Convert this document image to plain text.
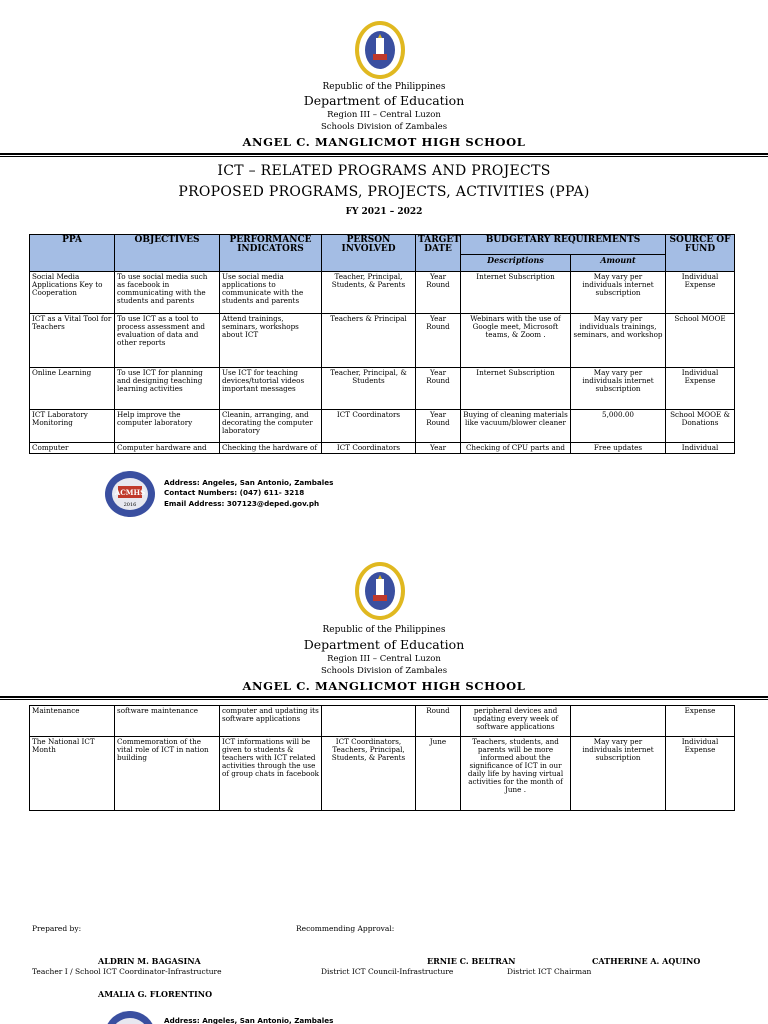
Republic of the Philippines
Department of Education
Region III – Central Luzon
Schools Division of Zambales
ANGEL C. MANGLICMOT HIGH SCHOOL
ICT – RELATED PROGRAMS AND PROJECTS
PROPOSED PROGRAMS, PROJECTS, ACTIVITIES (PPA)
FY 2021 – 2022
PPA	OBJECTIVES	PERFORMANCE INDICATORS	PERSON INVOLVED	TARGET DATE	BUDGETARY REQUIREMENTS		SOURCE OF FUND
					Descriptions	Amount	
Social Media Applications Key to Cooperation	To use social media such as facebook in communicating with the students and parents	Use social media applications to communicate with the students and parents	Teacher, Principal, Students, & Parents	Year Round	Internet Subscription	May vary per individuals internet subscription	Individual Expense
ICT as a Vital Tool for Teachers	To use ICT as a tool to process assessment and evaluation of data and other reports	Attend trainings, seminars, workshops about ICT	Teachers & Principal	Year Round	Webinars with the use of Google meet, Microsoft teams, & Zoom .	May vary per individuals trainings, seminars, and workshop	School MOOE
Online Learning	To use ICT for planning and designing teaching learning activities	Use ICT for teaching devices/tutorial videos important messages	Teacher, Principal, & Students	Year Round	Internet Subscription	May vary per individuals internet subscription	Individual Expense
ICT Laboratory Monitoring	Help improve the computer laboratory	Cleanin, arranging, and decorating the computer laboratory	ICT Coordinators	Year Round	Buying of cleaning materials like vacuum/blower cleaner	5,000.00	School MOOE & Donations
Computer	Computer hardware and	Checking the hardware of	ICT Coordinators	Year	Checking of CPU parts and	Free updates	Individual
ACMHS
2016
Address: Angeles, San Antonio, Zambales
Contact Numbers: (047) 611- 3218
Email Address: 307123@deped.gov.ph
Republic of the Philippines
Department of Education
Region III – Central Luzon
Schools Division of Zambales
ANGEL C. MANGLICMOT HIGH SCHOOL
Maintenance	software maintenance	computer and updating its software applications		Round	peripheral devices and updating every week of software applications		Expense
The National ICT Month	Commemoration of the vital role of ICT in nation building	ICT informations will be given to students & teachers with ICT related activities through the use of group chats in facebook	ICT Coordinators, Teachers, Principal, Students, & Parents	June	Teachers, students, and parents will be more informed about the significance of ICT in our daily life by having virtual activities for the month of June .	May vary per individuals internet subscription	Individual Expense
Prepared by:	Recommending Approval:
ALDRIN M. BAGASINA
Teacher I / School ICT Coordinator-Infrastructure
ERNIE C. BELTRAN
District ICT Council-Infrastructure
CATHERINE A. AQUINO
District ICT Chairman
AMALIA G. FLORENTINO
Address: Angeles, San Antonio, Zambales
